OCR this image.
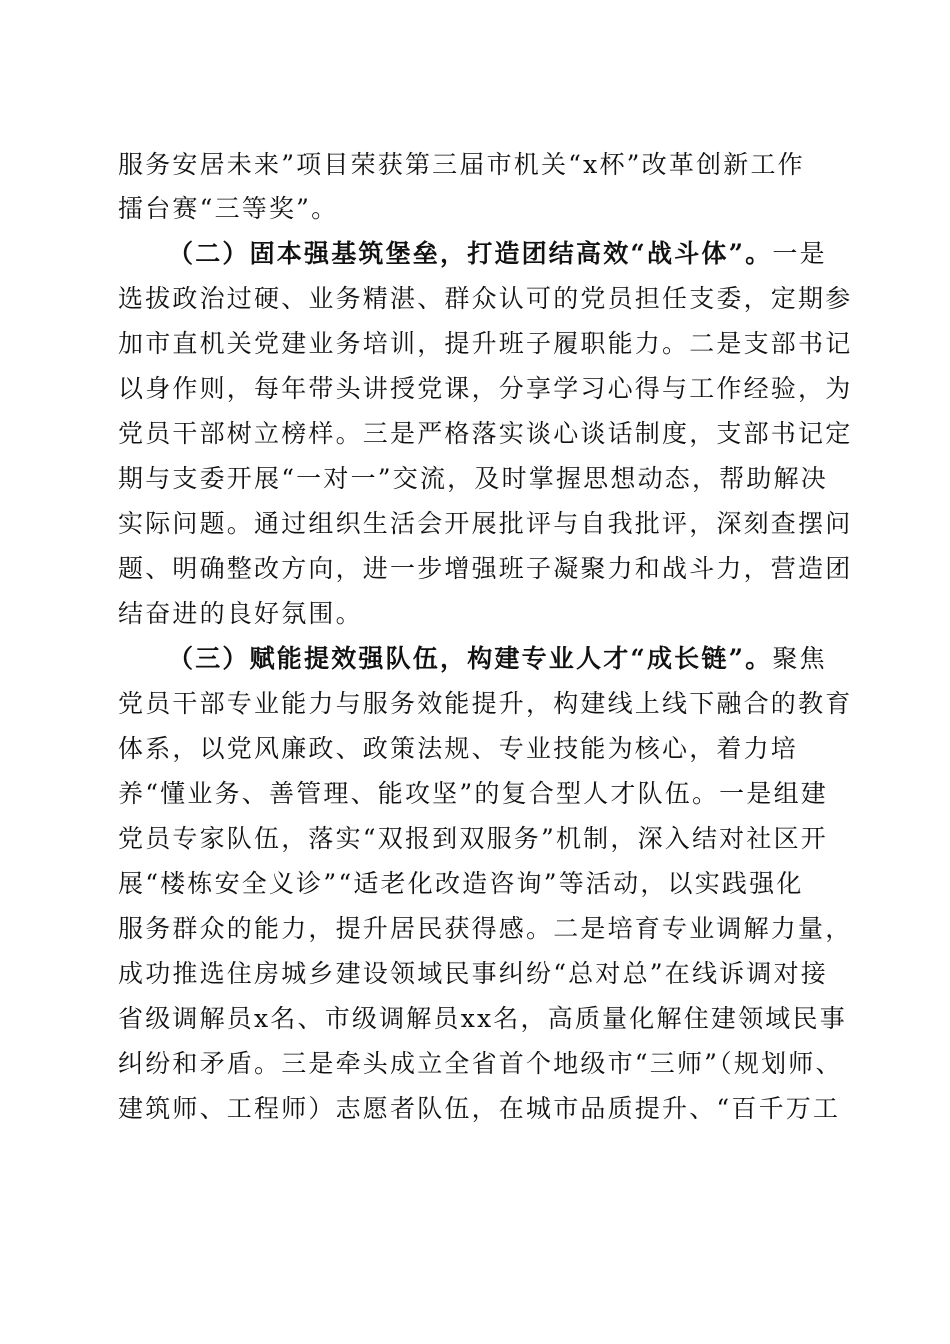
服务安居未来”项目荣获第三届市机关“x杯”改革创新工作
擂台赛“三等奖”。
（二）固本强基筑堡垒，打造团结高效“战斗体”。一是
选拔政治过硬、业务精湛、群众认可的党员担任支委，定期参
加市直机关党建业务培训，提升班子履职能力。二是支部书记
以身作则，每年带头讲授党课，分享学习心得与工作经验，为
党员干部树立榜样。三是严格落实谈心谈话制度，支部书记定
期与支委开展“一对一”交流，及时掌握思想动态，帮助解决
实际问题。通过组织生活会开展批评与自我批评，深刻查摆问
题、明确整改方向，进一步增强班子凝聚力和战斗力，营造团
结奋进的良好氛围。
（三）赋能提效强队伍，构建专业人才“成长链”。聚焦
党员干部专业能力与服务效能提升，构建线上线下融合的教育
体系，以党风廉政、政策法规、专业技能为核心，着力培
养“懂业务、善管理、能攻坚”的复合型人才队伍。一是组建
党员专家队伍，落实“双报到双服务”机制，深入结对社区开
展“楼栋安全义诊”“适老化改造咨询”等活动，以实践强化
服务群众的能力，提升居民获得感。二是培育专业调解力量，
成功推选住房城乡建设领域民事纠纷“总对总”在线诉调对接
省级调解员x名、市级调解员xx名，高质量化解住建领域民事
纠纷和矛盾。三是牵头成立全省首个地级市“三师”（规划师、
建筑师、工程师）志愿者队伍，在城市品质提升、“百千万工
